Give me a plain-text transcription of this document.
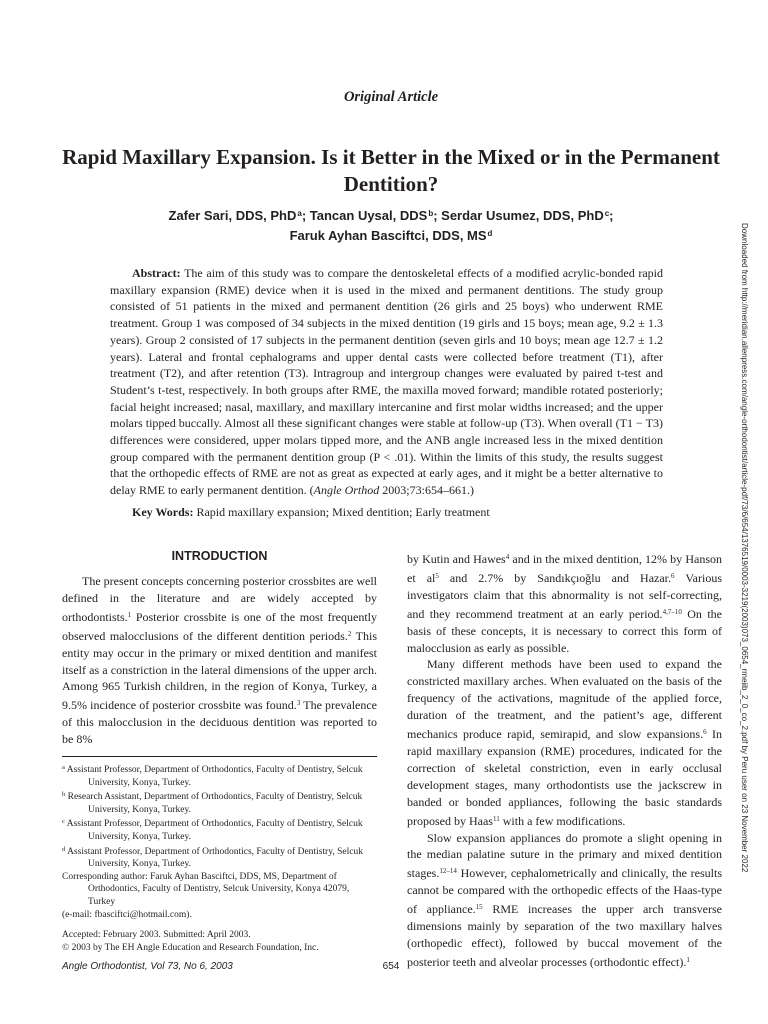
Original Article
Rapid Maxillary Expansion. Is it Better in the Mixed or in the Permanent Dentition?
Zafer Sari, DDS, PhD$^a$; Tancan Uysal, DDS$^b$; Serdar Usumez, DDS, PhD$^c$;
Faruk Ayhan Basciftci, DDS, $MS^d$
Abstract: The aim of this study was to compare the dentoskeletal effects of a modified acrylic-bonded rapid maxillary expansion (RME) device when it is used in the mixed and permanent dentitions. The study group consisted of 51 patients in the mixed and permanent dentition (26 girls and 25 boys) who underwent RME treatment. Group 1 was composed of 34 subjects in the mixed dentition (19 girls and 15 boys; mean age, 9.2 ± 1.3 years). Group 2 consisted of 17 subjects in the permanent dentition (seven girls and 10 boys; mean age 12.7 ± 1.2 years). Lateral and frontal cephalograms and upper dental casts were collected before treatment (T1), after treatment (T2), and after retention (T3). Intragroup and intergroup changes were evaluated by paired t-test and Student’s t-test, respectively. In both groups after RME, the maxilla moved forward; mandible rotated posteriorly; facial height increased; nasal, maxillary, and maxillary intercanine and first molar widths increased; and the upper molars tipped buccally. Almost all these significant changes were stable at follow-up (T3). When overall (T1 − T3) differences were considered, upper molars tipped more, and the ANB angle increased less in the mixed dentition group compared with the permanent dentition group (P < .01). Within the limits of this study, the results suggest that the orthopedic effects of RME are not as great as expected at early ages, and it might be a better alternative to delay RME to early permanent dentition. (Angle Orthod 2003;73:654–661.)
Key Words: Rapid maxillary expansion; Mixed dentition; Early treatment
INTRODUCTION

The present concepts concerning posterior crossbites are well defined in the literature and are widely accepted by orthodontists.$^1$ Posterior crossbite is one of the most frequently observed malocclusions of the different dentition periods.$^2$ This entity may occur in the primary or mixed dentition and manifest itself as a constriction in the lateral dimensions of the upper arch. Among 965 Turkish children, in the region of Konya, Turkey, a 9.5% incidence of posterior crossbite was found.$^3$ The prevalence of this malocclusion in the deciduous dentition was reported to be 8%

$^a$ Assistant Professor, Department of Orthodontics, Faculty of Dentistry, Selcuk University, Konya, Turkey.

$^b$ Research Assistant, Department of Orthodontics, Faculty of Dentistry, Selcuk University, Konya, Turkey.

$^c$ Assistant Professor, Department of Orthodontics, Faculty of Dentistry, Selcuk University, Konya, Turkey.

$^d$ Assistant Professor, Department of Orthodontics, Faculty of Dentistry, Selcuk University, Konya, Turkey.

Corresponding author: Faruk Ayhan Basciftci, DDS, MS, Department of Orthodontics, Faculty of Dentistry, Selcuk University, Konya 42079, Turkey

(e-mail: fbasciftci@hotmail.com).

Accepted: February 2003. Submitted: April 2003.

© 2003 by The EH Angle Education and Research Foundation, Inc.

by Kutin and Hawes$^4$ and in the mixed dentition, 12% by Hanson et $al^5$ and 2.7% by Sandıkçıoğlu and Hazar.$^6$ Various investigators claim that this abnormality is not self-correcting, and they recommend treatment at an early period.$^{4,7-10}$ On the basis of these concepts, it is necessary to correct this form of malocclusion as early as possible.

Many different methods have been used to expand the constricted maxillary arches. When evaluated on the basis of the frequency of the activations, magnitude of the applied force, duration of the treatment, and the patient’s age, different mechanics produce rapid, semirapid, and slow expansions.$^6$ In rapid maxillary expansion (RME) procedures, indicated for the correction of skeletal constriction, even in early occlusal development stages, many orthodontists use the jackscrew in banded or bonded appliances, following the basic standards proposed by Haas$^{11}$ with a few modifications.

Slow expansion appliances do promote a slight opening in the median palatine suture in the primary and mixed dentition stages.$^{12-14}$ However, cephalometrically and clinically, the results cannot be compared with the orthopedic effects of the Haas-type of appliance.$^{15}$ RME increases the upper arch transverse dimensions mainly by separation of the two maxillary halves (orthopedic effect), followed by buccal movement of the posterior teeth and alveolar processes (orthodontic effect).$^1$

Angle Orthodontist, Vol 73, No 6, 2003	654
Downloaded from http://meridian.allenpress.com/angle-orthodontist/article-pdf/73/6/654/1376519/0003-3219(2003)073_0654_rmeiib_2_0_co_2.pdf by Peru user on 23 November 2022
